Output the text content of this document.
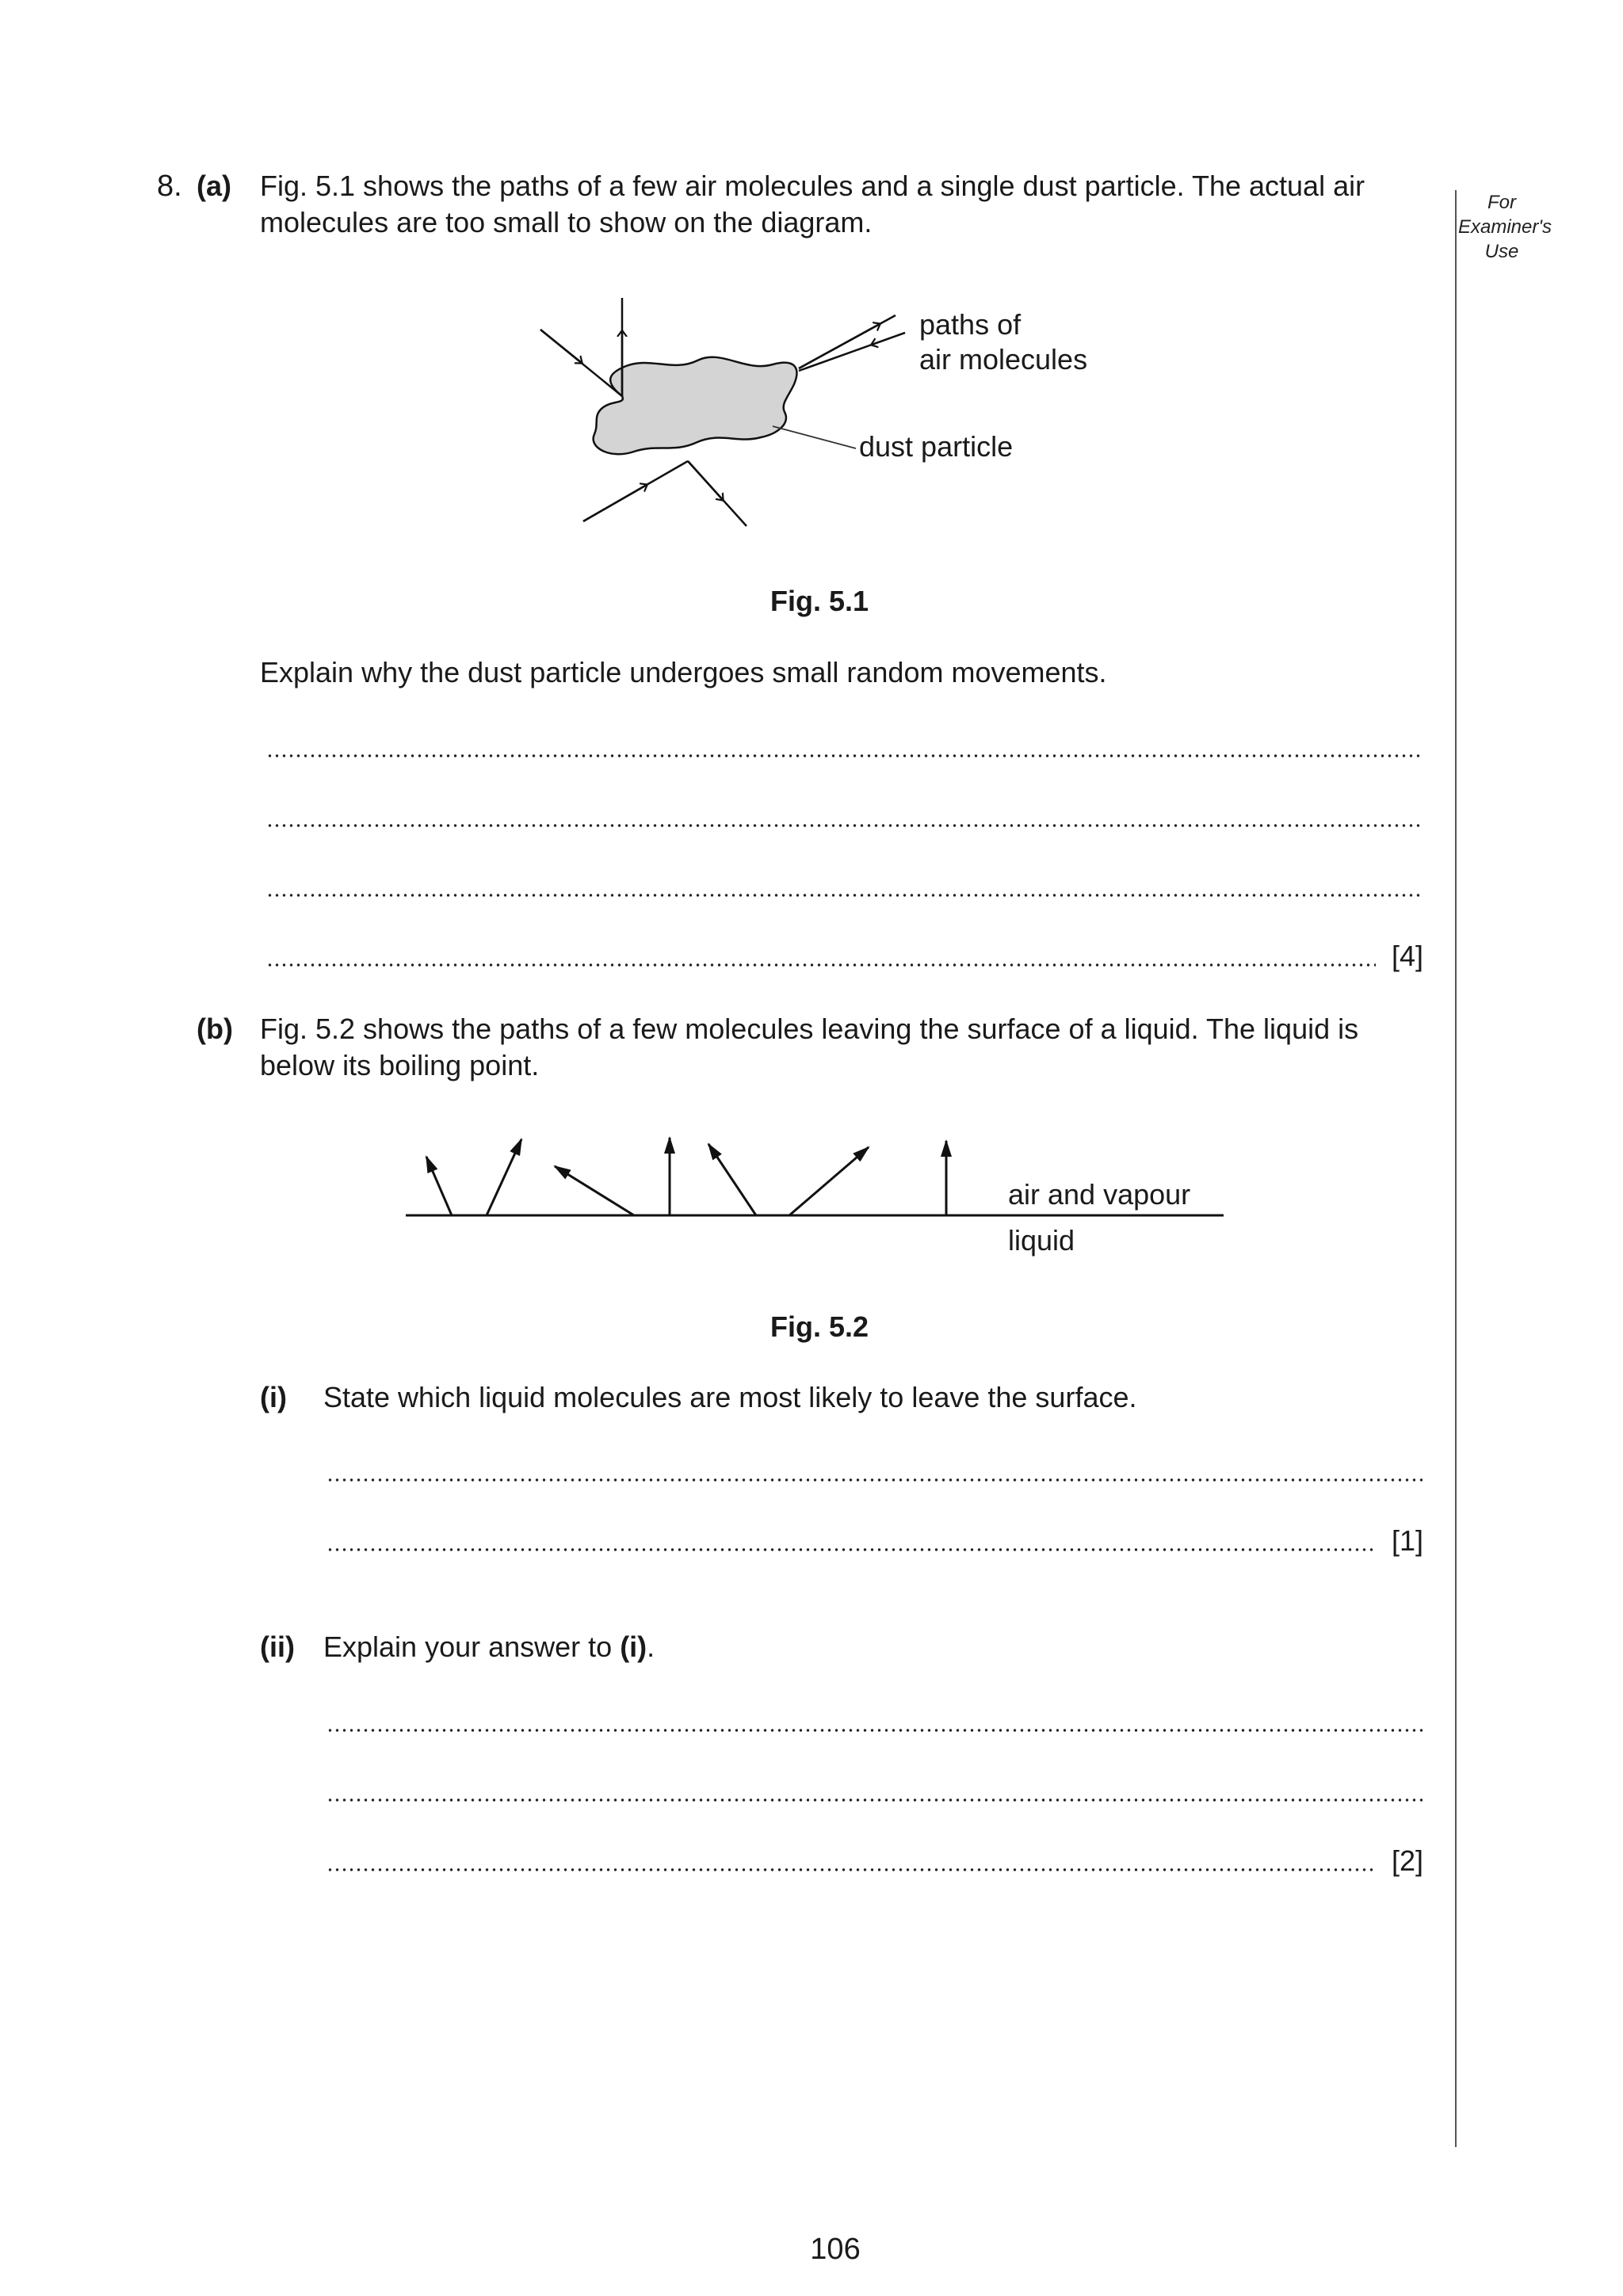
For
Examiner's
Use
8. (a) Fig. 5.1 shows the paths of a few air molecules and a single dust particle. The actual air
molecules are too small to show on the diagram.
paths of
air molecules
dust particle
Fig. 5.1
Explain why the dust particle undergoes small random movements.
[4]
(b) Fig. 5.2 shows the paths of a few molecules leaving the surface of a liquid. The liquid is
below its boiling point.
air and vapour
liquid
Fig. 5.2
(i) State which liquid molecules are most likely to leave the surface.
[1]
(ii) Explain your answer to (i).
[2]
106
